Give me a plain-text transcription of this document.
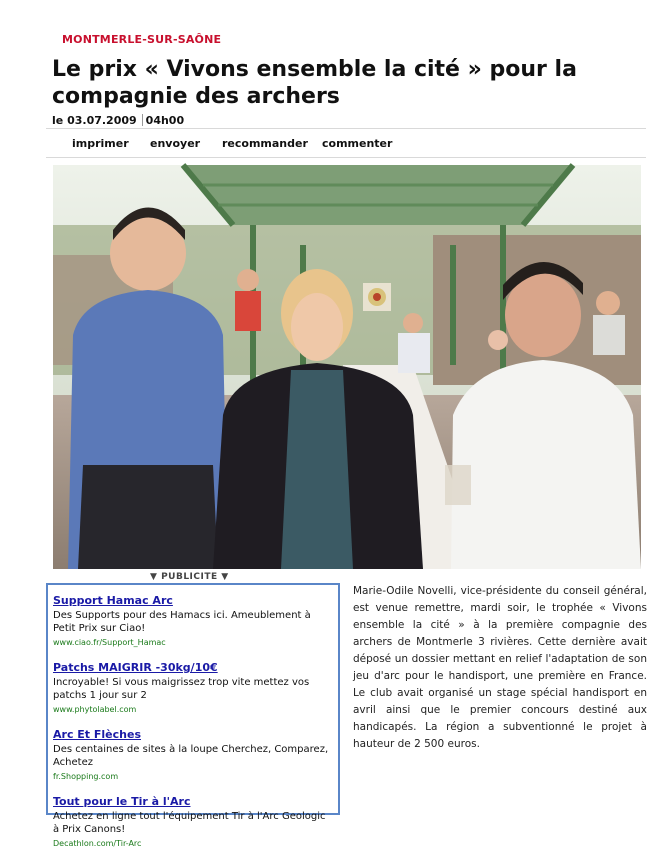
MONTMERLE-SUR-SAÔNE
Le prix « Vivons ensemble la cité » pour la compagnie des archers
le 03.07.2009 04h00
imprimer envoyer recommander commenter
▼ PUBLICITE ▼
Support Hamac Arc
Des Supports pour des Hamacs ici. Ameublement à Petit Prix sur Ciao!
www.ciao.fr/Support_Hamac
Patchs MAIGRIR -30kg/10€
Incroyable! Si vous maigrissez trop vite mettez vos patchs 1 jour sur 2
www.phytolabel.com
Arc Et Flèches
Des centaines de sites à la loupe Cherchez, Comparez, Achetez
fr.Shopping.com
Tout pour le Tir à l'Arc
Achetez en ligne tout l'équipement Tir à l'Arc Geologic à Prix Canons!
Decathlon.com/Tir-Arc
Marie-Odile Novelli, vice-présidente du conseil général, est venue remettre, mardi soir, le trophée « Vivons ensemble la cité » à la première compagnie des archers de Montmerle 3 rivières. Cette dernière avait déposé un dossier mettant en relief l'adaptation de son jeu d'arc pour le handisport, une première en France. Le club avait organisé un stage spécial handisport en avril ainsi que le premier concours destiné aux handicapés. La région a subventionné le projet à hauteur de 2 500 euros.
